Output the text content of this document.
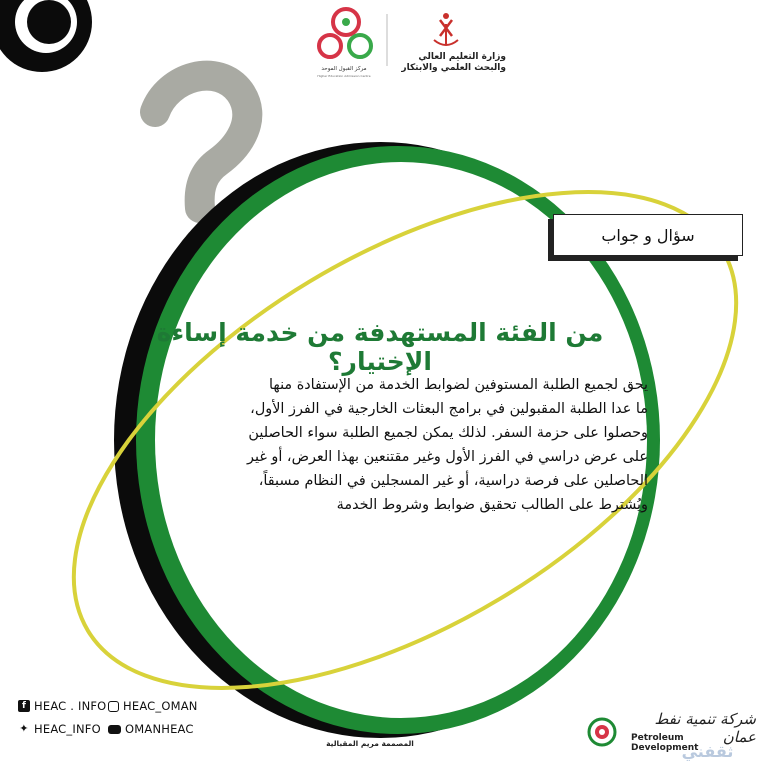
وزارة التعليم العالي
والبحث العلمي والابتكار
مركز القبول الموحد
Higher Education Admission Centre
سؤال و جواب
من الفئة المستهدفة من خدمة إساءة الإختيار؟
يحق لجميع الطلبة المستوفين لضوابط الخدمة من الإستفادة منها
ما عدا الطلبة المقبولين في برامج البعثات الخارجية في الفرز الأول،
وحصلوا على حزمة السفر. لذلك يمكن لجميع الطلبة سواء الحاصلين
على عرض دراسي في الفرز الأول وغير مقتنعين بهذا العرض، أو غير
الحاصلين على فرصة دراسية، أو غير المسجلين في النظام مسبقاً،
ويُشترط على الطالب تحقيق ضوابط وشروط الخدمة
f HEAC . INFO HEAC_OMAN
✦ HEAC_INFO OMANHEAC
المصممة مريم المقبالية
شركة تنمية نفط عمان
Petroleum Development
ثقفني
